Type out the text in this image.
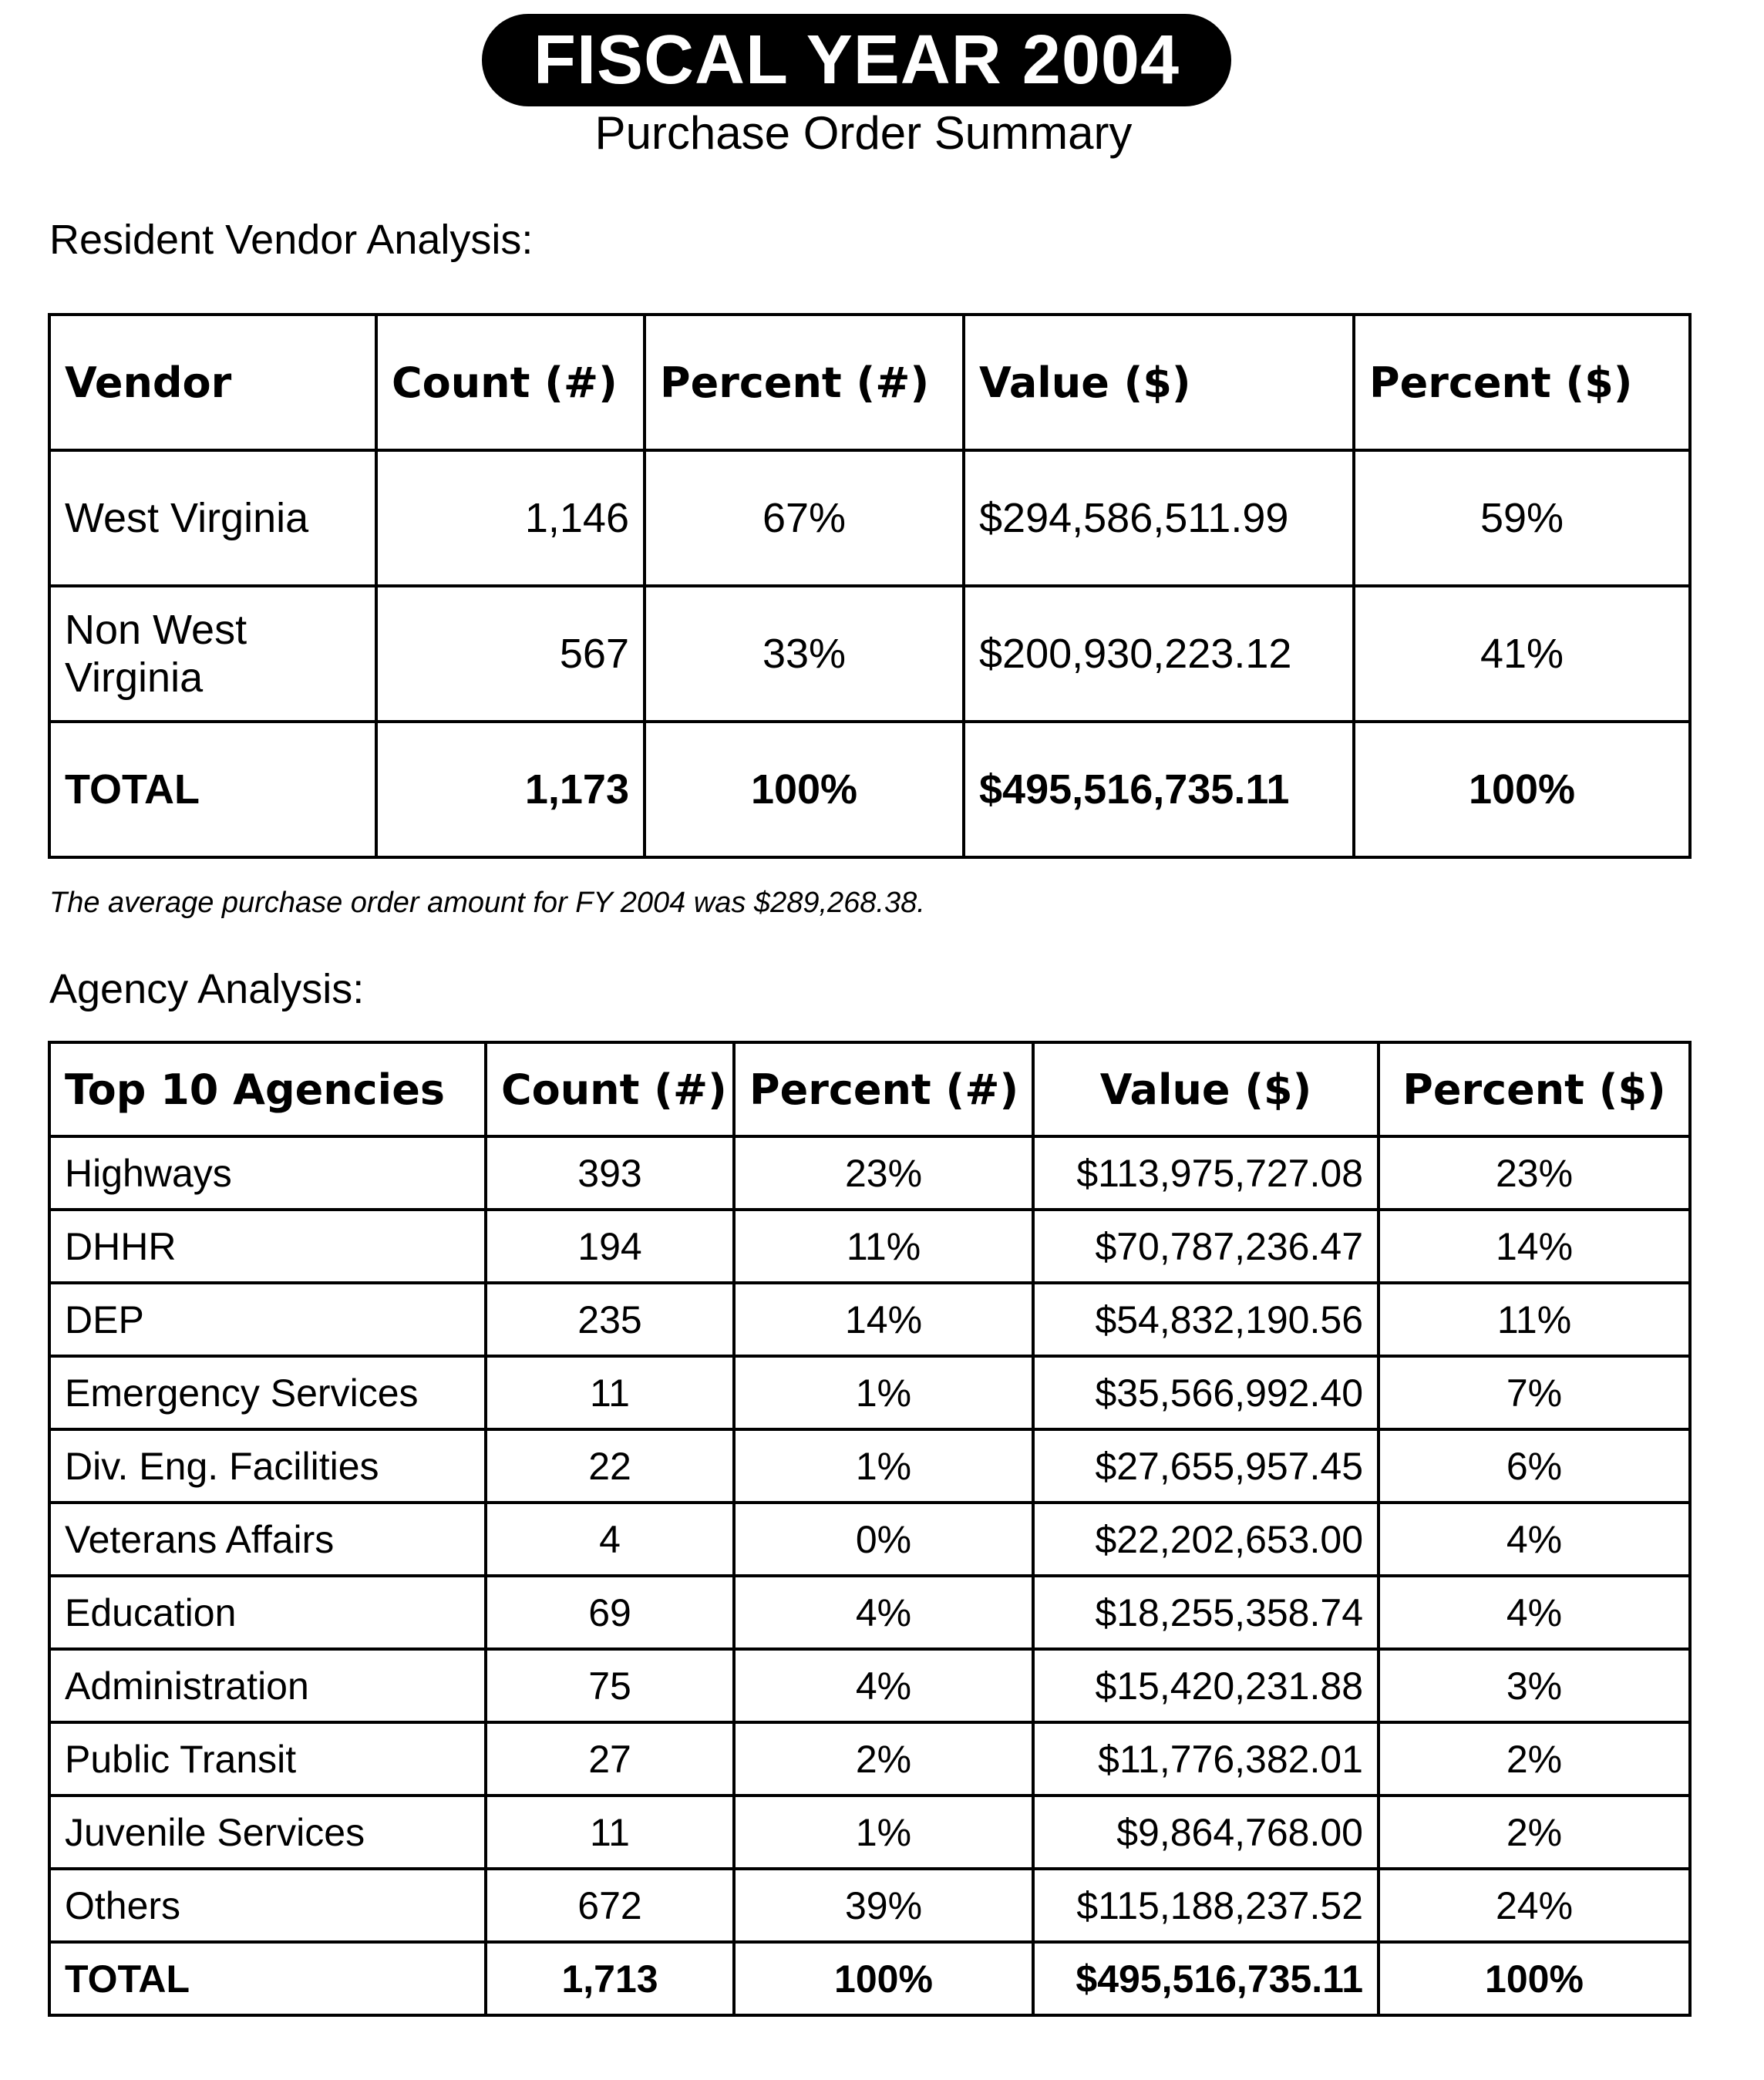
FISCAL YEAR 2004
Purchase Order Summary
Resident Vendor Analysis:
Vendor	Count (#)	Percent (#)	Value ($)	Percent ($)
West Virginia	1,146	67%	$294,586,511.99	59%
Non West Virginia	567	33%	$200,930,223.12	41%
TOTAL	1,173	100%	$495,516,735.11	100%
The average purchase order amount for FY 2004 was $289,268.38.
Agency Analysis:
Top 10 Agencies	Count (#)	Percent (#)	Value ($)	Percent ($)
Highways	393	23%	$113,975,727.08	23%
DHHR	194	11%	$70,787,236.47	14%
DEP	235	14%	$54,832,190.56	11%
Emergency Services	11	1%	$35,566,992.40	7%
Div. Eng. Facilities	22	1%	$27,655,957.45	6%
Veterans Affairs	4	0%	$22,202,653.00	4%
Education	69	4%	$18,255,358.74	4%
Administration	75	4%	$15,420,231.88	3%
Public Transit	27	2%	$11,776,382.01	2%
Juvenile Services	11	1%	$9,864,768.00	2%
Others	672	39%	$115,188,237.52	24%
TOTAL	1,713	100%	$495,516,735.11	100%
